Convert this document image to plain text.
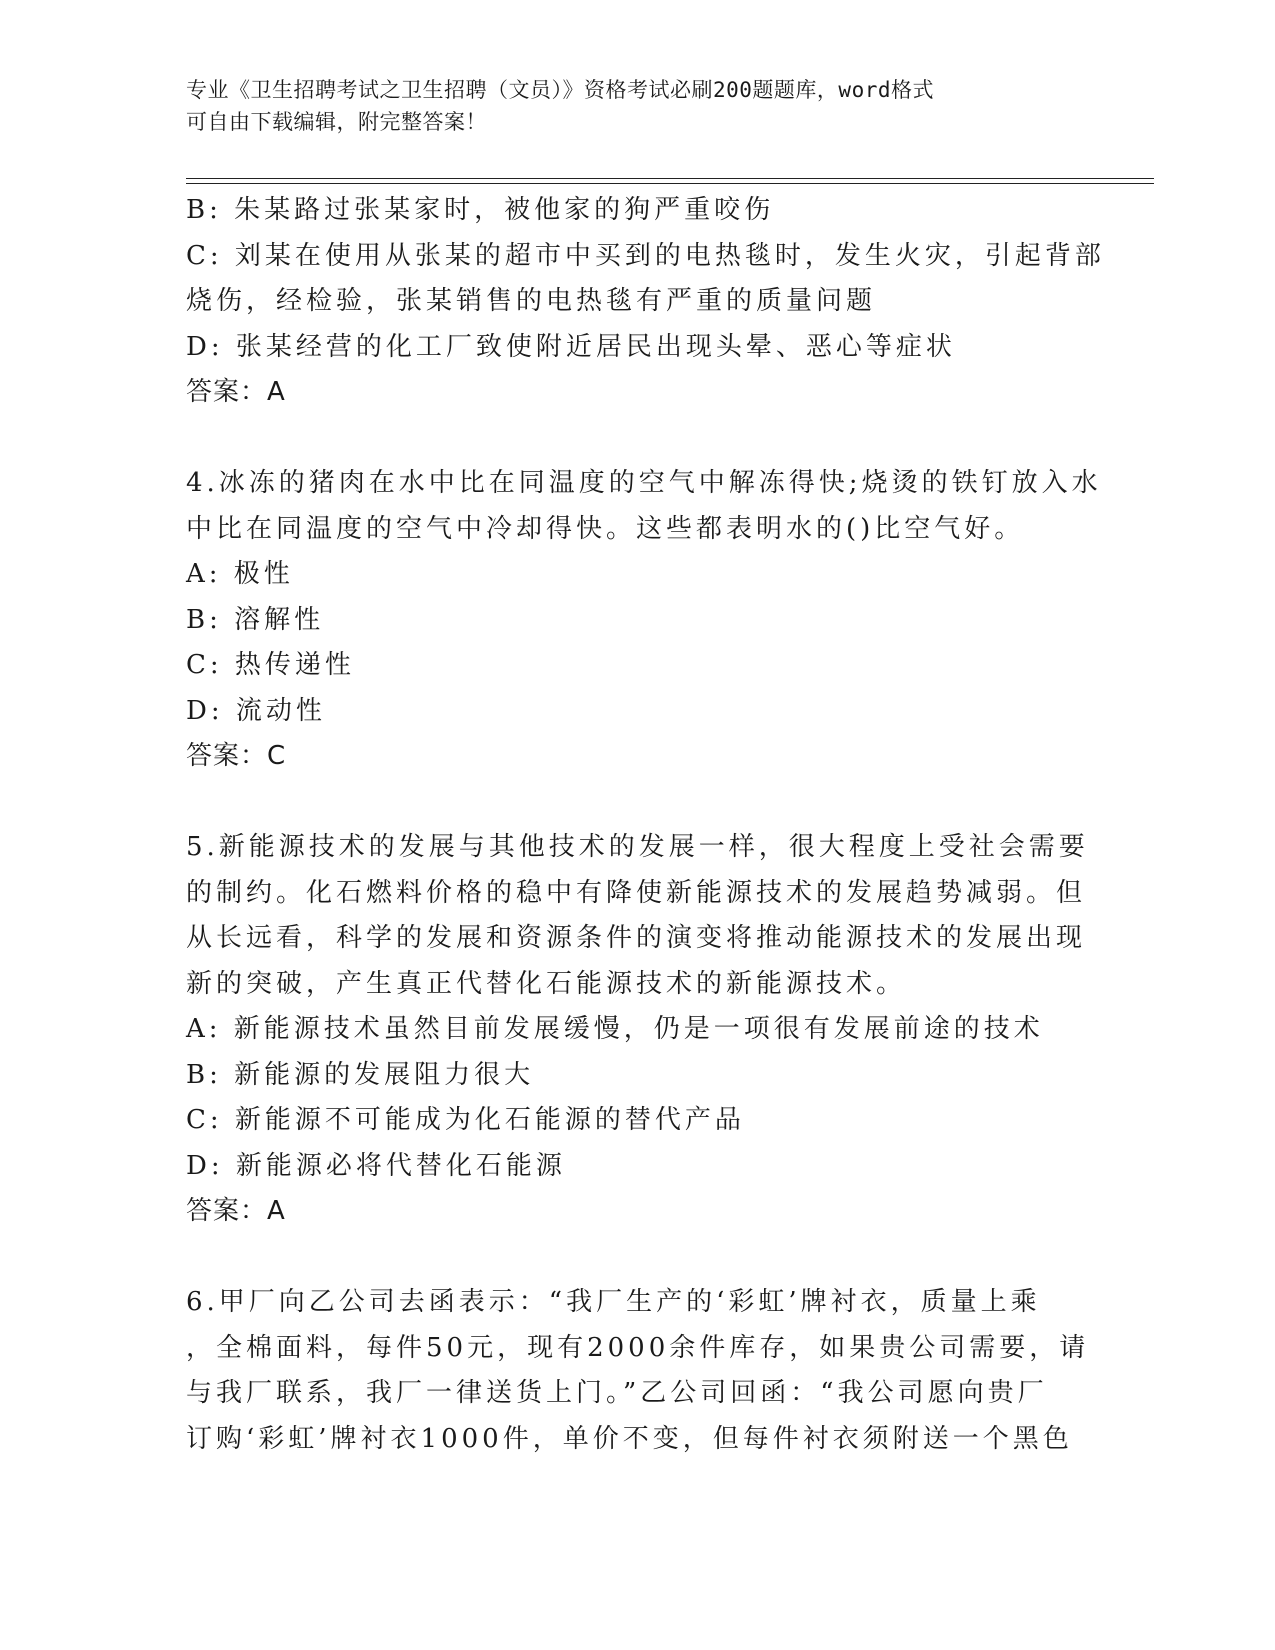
专业《卫生招聘考试之卫生招聘（文员）》资格考试必刷200题题库，word格式
可自由下载编辑，附完整答案！

B: 朱某路过张某家时，被他家的狗严重咬伤

C: 刘某在使用从张某的超市中买到的电热毯时，发生火灾，引起背部

烧伤，经检验，张某销售的电热毯有严重的质量问题

D: 张某经营的化工厂致使附近居民出现头晕、恶心等症状

答案：A

4.冰冻的猪肉在水中比在同温度的空气中解冻得快;烧烫的铁钉放入水

中比在同温度的空气中冷却得快。这些都表明水的()比空气好。

A: 极性

B: 溶解性

C: 热传递性

D: 流动性

答案：C

5.新能源技术的发展与其他技术的发展一样，很大程度上受社会需要

的制约。化石燃料价格的稳中有降使新能源技术的发展趋势减弱。但

从长远看，科学的发展和资源条件的演变将推动能源技术的发展出现

新的突破，产生真正代替化石能源技术的新能源技术。

A: 新能源技术虽然目前发展缓慢，仍是一项很有发展前途的技术

B: 新能源的发展阻力很大

C: 新能源不可能成为化石能源的替代产品

D: 新能源必将代替化石能源

答案：A

6.甲厂向乙公司去函表示：“我厂生产的‘彩虹’牌衬衣，质量上乘

，全棉面料，每件50元，现有2000余件库存，如果贵公司需要，请

与我厂联系，我厂一律送货上门。”乙公司回函：“我公司愿向贵厂

订购‘彩虹’牌衬衣1000件，单价不变，但每件衬衣须附送一个黑色
